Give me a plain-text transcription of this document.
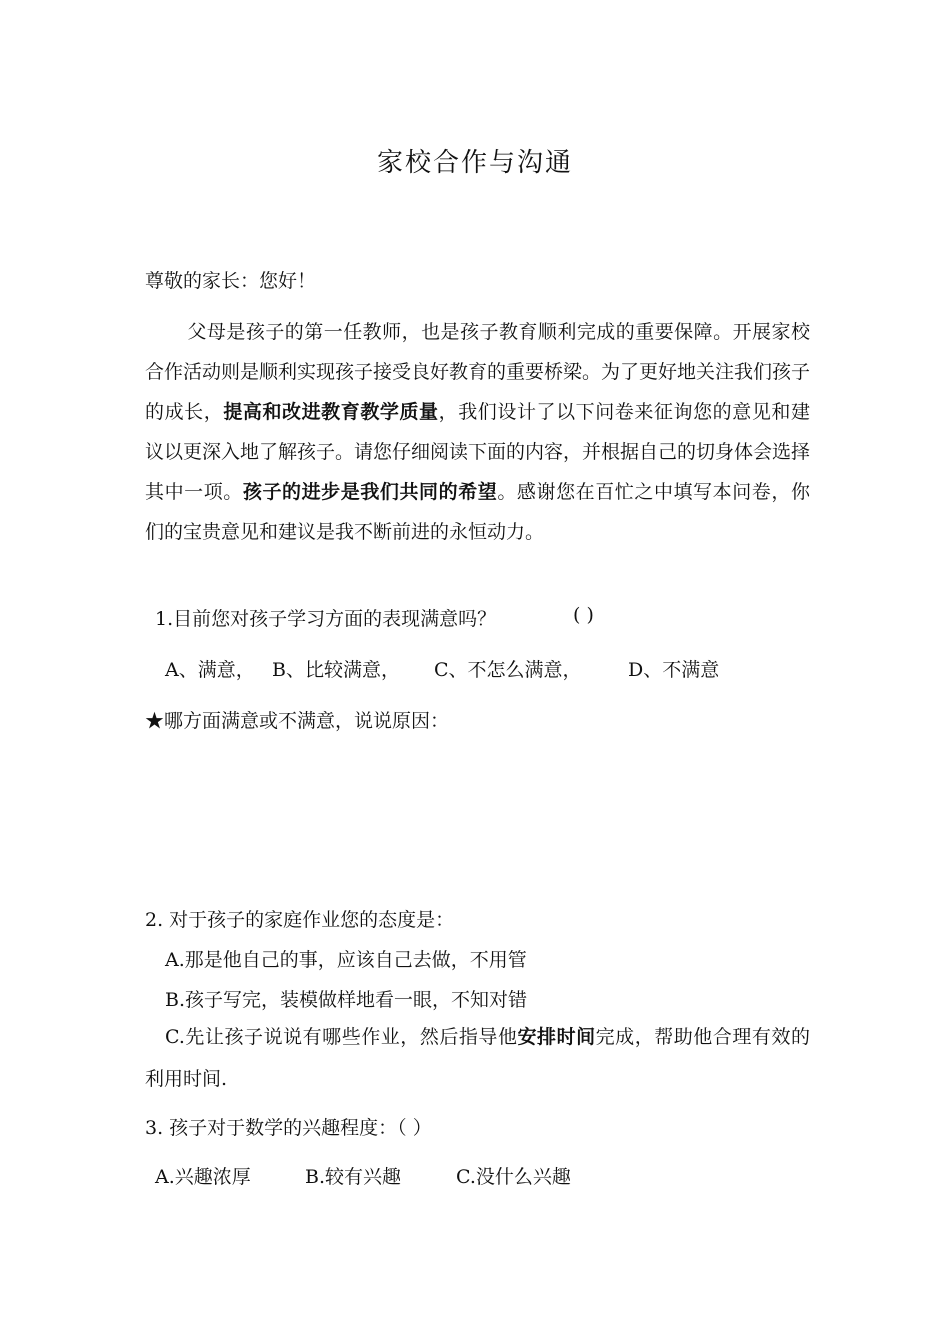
家校合作与沟通
尊敬的家长：您好！
父母是孩子的第一任教师，也是孩子教育顺利完成的重要保障。开展家校合作活动则是顺利实现孩子接受良好教育的重要桥梁。为了更好地关注我们孩子的成长，提高和改进教育教学质量，我们设计了以下问卷来征询您的意见和建议以更深入地了解孩子。请您仔细阅读下面的内容，并根据自己的切身体会选择其中一项。孩子的进步是我们共同的希望。感谢您在百忙之中填写本问卷，你们的宝贵意见和建议是我不断前进的永恒动力。
1.目前您对孩子学习方面的表现满意吗？	( )
A、满意， B、比较满意， C、不怎么满意， D、不满意
★哪方面满意或不满意，说说原因：
2. 对于孩子的家庭作业您的态度是：
A.那是他自己的事，应该自己去做，不用管
B.孩子写完，装模做样地看一眼，不知对错
C.先让孩子说说有哪些作业，然后指导他安排时间完成，帮助他合理有效的利用时间.
3. 孩子对于数学的兴趣程度：（ ）
A.兴趣浓厚	B.较有兴趣	C.没什么兴趣
